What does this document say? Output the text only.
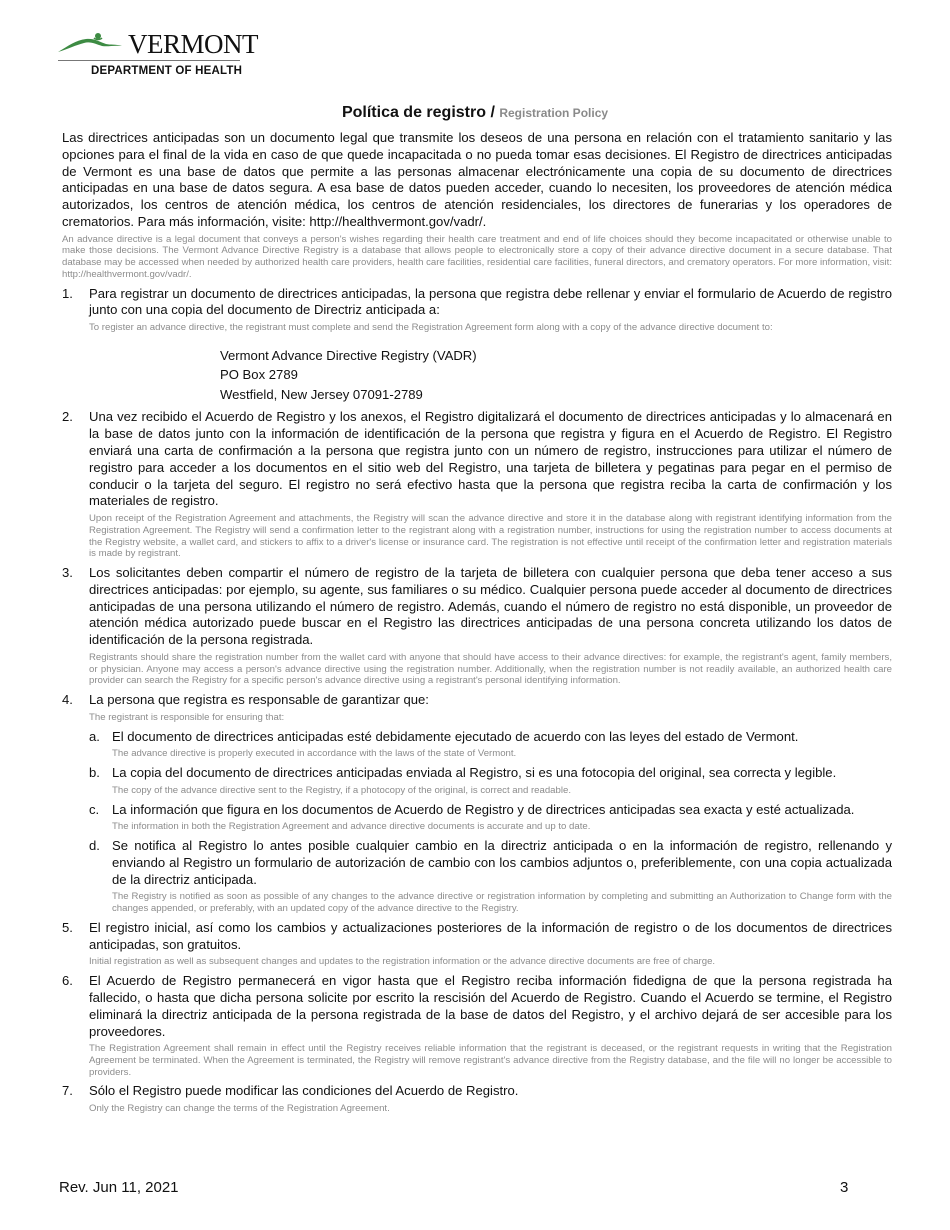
VERMONT
DEPARTMENT OF HEALTH
Política de registro / Registration Policy

Las directrices anticipadas son un documento legal que transmite los deseos de una persona en relación con el tratamiento sanitario y las opciones para el final de la vida en caso de que quede incapacitada o no pueda tomar esas decisiones. El Registro de directrices anticipadas de Vermont es una base de datos que permite a las personas almacenar electrónicamente una copia de su documento de directrices anticipadas en una base de datos segura. A esa base de datos pueden acceder, cuando lo necesiten, los proveedores de atención médica autorizados, los centros de atención médica, los centros de atención residenciales, los directores de funerarias y los operadores de crematorios. Para más información, visite: http://healthvermont.gov/vadr/.

An advance directive is a legal document that conveys a person's wishes regarding their health care treatment and end of life choices should they become incapacitated or otherwise unable to make those decisions. The Vermont Advance Directive Registry is a database that allows people to electronically store a copy of their advance directive document in a secure database. That database may be accessed when needed by authorized health care providers, health care facilities, residential care facilities, funeral directors, and crematory operators. For more information, visit: http://healthvermont.gov/vadr/.

1. Para registrar un documento de directrices anticipadas, la persona que registra debe rellenar y enviar el formulario de Acuerdo de registro junto con una copia del documento de Directriz anticipada a:

To register an advance directive, the registrant must complete and send the Registration Agreement form along with a copy of the advance directive document to:

Vermont Advance Directive Registry (VADR)
PO Box 2789
Westfield, New Jersey 07091-2789
2. Una vez recibido el Acuerdo de Registro y los anexos, el Registro digitalizará el documento de directrices anticipadas y lo almacenará en la base de datos junto con la información de identificación de la persona que registra y figura en el Acuerdo de Registro. El Registro enviará una carta de confirmación a la persona que registra junto con un número de registro, instrucciones para utilizar el número de registro para acceder a los documentos en el sitio web del Registro, una tarjeta de billetera y pegatinas para pegar en el permiso de conducir o la tarjeta del seguro. El registro no será efectivo hasta que la persona que registra reciba la carta de confirmación y los materiales de registro.

Upon receipt of the Registration Agreement and attachments, the Registry will scan the advance directive and store it in the database along with registrant identifying information from the Registration Agreement. The Registry will send a confirmation letter to the registrant along with a registration number, instructions for using the registration number to access documents at the Registry website, a wallet card, and stickers to affix to a driver's license or insurance card. The registration is not effective until receipt of the confirmation letter and registration materials is made by registrant.

3. Los solicitantes deben compartir el número de registro de la tarjeta de billetera con cualquier persona que deba tener acceso a sus directrices anticipadas: por ejemplo, su agente, sus familiares o su médico. Cualquier persona puede acceder al documento de directrices anticipadas de una persona utilizando el número de registro. Además, cuando el número de registro no está disponible, un proveedor de atención médica autorizado puede buscar en el Registro las directrices anticipadas de una persona concreta utilizando los datos de identificación de la persona registrada.

Registrants should share the registration number from the wallet card with anyone that should have access to their advance directives: for example, the registrant's agent, family members, or physician. Anyone may access a person's advance directive using the registration number. Additionally, when the registration number is not readily available, an authorized health care provider can search the Registry for a specific person's advance directive using a registrant's personal identifying information.

4. La persona que registra es responsable de garantizar que:

The registrant is responsible for ensuring that:

a. El documento de directrices anticipadas esté debidamente ejecutado de acuerdo con las leyes del estado de Vermont.

The advance directive is properly executed in accordance with the laws of the state of Vermont.

b. La copia del documento de directrices anticipadas enviada al Registro, si es una fotocopia del original, sea correcta y legible.

The copy of the advance directive sent to the Registry, if a photocopy of the original, is correct and readable.

c. La información que figura en los documentos de Acuerdo de Registro y de directrices anticipadas sea exacta y esté actualizada.

The information in both the Registration Agreement and advance directive documents is accurate and up to date.

d. Se notifica al Registro lo antes posible cualquier cambio en la directriz anticipada o en la información de registro, rellenando y enviando al Registro un formulario de autorización de cambio con los cambios adjuntos o, preferiblemente, con una copia actualizada de la directriz anticipada.

The Registry is notified as soon as possible of any changes to the advance directive or registration information by completing and submitting an Authorization to Change form with the changes appended, or preferably, with an updated copy of the advance directive to the Registry.

5. El registro inicial, así como los cambios y actualizaciones posteriores de la información de registro o de los documentos de directrices anticipadas, son gratuitos.

Initial registration as well as subsequent changes and updates to the registration information or the advance directive documents are free of charge.

6. El Acuerdo de Registro permanecerá en vigor hasta que el Registro reciba información fidedigna de que la persona registrada ha fallecido, o hasta que dicha persona solicite por escrito la rescisión del Acuerdo de Registro. Cuando el Acuerdo se termine, el Registro eliminará la directriz anticipada de la persona registrada de la base de datos del Registro, y el archivo dejará de ser accesible para los proveedores.

The Registration Agreement shall remain in effect until the Registry receives reliable information that the registrant is deceased, or the registrant requests in writing that the Registration Agreement be terminated. When the Agreement is terminated, the Registry will remove registrant's advance directive from the Registry database, and the file will no longer be accessible to providers.

7. Sólo el Registro puede modificar las condiciones del Acuerdo de Registro.

Only the Registry can change the terms of the Registration Agreement.

Rev. Jun 11, 2021	3
